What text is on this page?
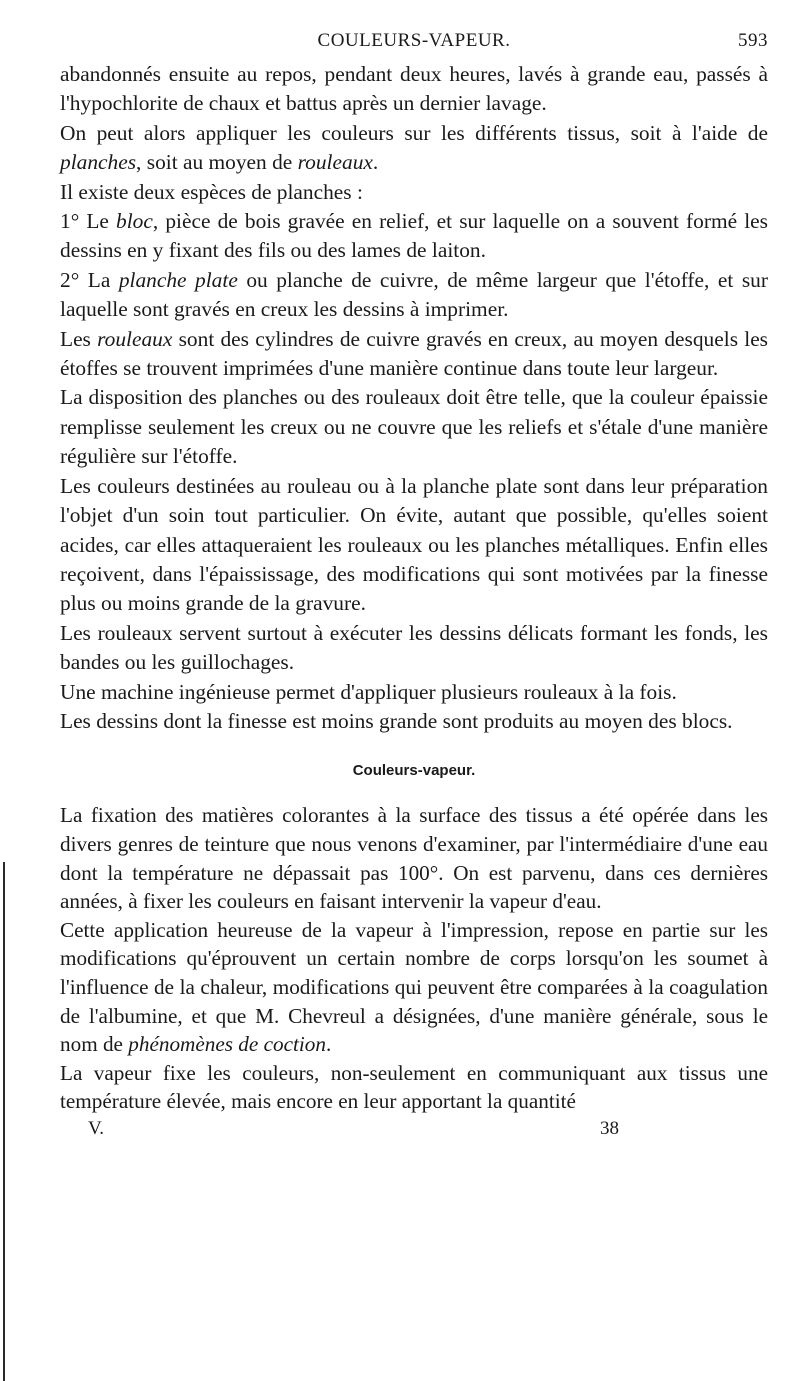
COULEURS-VAPEUR.	593

abandonnés ensuite au repos, pendant deux heures, lavés à grande eau, passés à l'hypochlorite de chaux et battus après un dernier lavage.

On peut alors appliquer les couleurs sur les différents tissus, soit à l'aide de planches, soit au moyen de rouleaux.

Il existe deux espèces de planches :

1° Le bloc, pièce de bois gravée en relief, et sur laquelle on a souvent formé les dessins en y fixant des fils ou des lames de laiton.

2° La planche plate ou planche de cuivre, de même largeur que l'étoffe, et sur laquelle sont gravés en creux les dessins à imprimer.

Les rouleaux sont des cylindres de cuivre gravés en creux, au moyen desquels les étoffes se trouvent imprimées d'une manière continue dans toute leur largeur.

La disposition des planches ou des rouleaux doit être telle, que la couleur épaissie remplisse seulement les creux ou ne couvre que les reliefs et s'étale d'une manière régulière sur l'étoffe.

Les couleurs destinées au rouleau ou à la planche plate sont dans leur préparation l'objet d'un soin tout particulier. On évite, autant que possible, qu'elles soient acides, car elles attaqueraient les rouleaux ou les planches métalliques. Enfin elles reçoivent, dans l'épaississage, des modifications qui sont motivées par la finesse plus ou moins grande de la gravure.

Les rouleaux servent surtout à exécuter les dessins délicats formant les fonds, les bandes ou les guillochages.

Une machine ingénieuse permet d'appliquer plusieurs rouleaux à la fois.

Les dessins dont la finesse est moins grande sont produits au moyen des blocs.

Couleurs-vapeur.

La fixation des matières colorantes à la surface des tissus a été opérée dans les divers genres de teinture que nous venons d'examiner, par l'intermédiaire d'une eau dont la température ne dépassait pas 100°. On est parvenu, dans ces dernières années, à fixer les couleurs en faisant intervenir la vapeur d'eau.

Cette application heureuse de la vapeur à l'impression, repose en partie sur les modifications qu'éprouvent un certain nombre de corps lorsqu'on les soumet à l'influence de la chaleur, modifications qui peuvent être comparées à la coagulation de l'albumine, et que M. Chevreul a désignées, d'une manière générale, sous le nom de phénomènes de coction.

La vapeur fixe les couleurs, non-seulement en communiquant aux tissus une température élevée, mais encore en leur apportant la quantité

V.	38
